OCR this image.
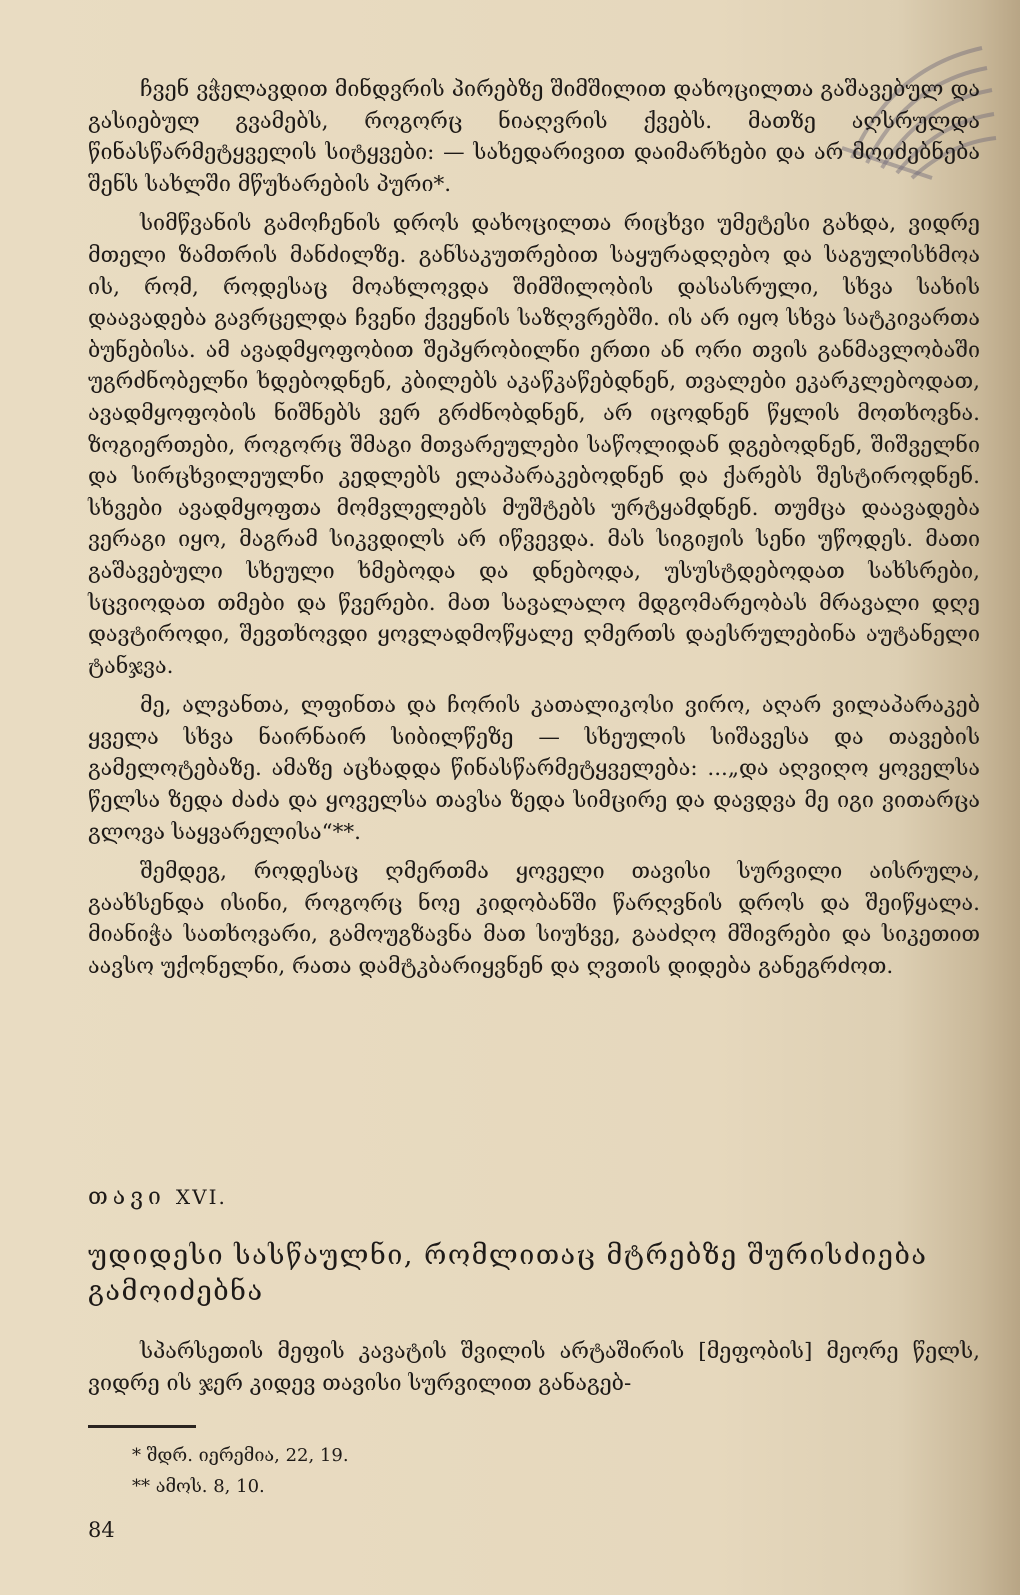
ჩვენ ვჭელავდით მინდვრის პირებზე შიმშილით დახოცილთა გაშავებულ და გასიებულ გვამებს, როგორც ნიაღვრის ქვებს. მათზე აღსრულდა წინასწარმეტყველის სიტყვები: — სახედარივით დაიმარხები და არ მოიძებნება შენს სახლში მწუხარების პური*.

სიმწვანის გამოჩენის დროს დახოცილთა რიცხვი უმეტესი გახდა, ვიდრე მთელი ზამთრის მანძილზე. განსაკუთრებით საყურადღებო და საგულისხმოა ის, რომ, როდესაც მოახლოვდა შიმშილობის დასასრული, სხვა სახის დაავადება გავრცელდა ჩვენი ქვეყნის საზღვრებში. ის არ იყო სხვა სატკივართა ბუნებისა. ამ ავადმყოფობით შეპყრობილნი ერთი ან ორი თვის განმავლობაში უგრძნობელნი ხდებოდნენ, კბილებს აკაწკაწებდნენ, თვალები ეკარკლებოდათ, ავადმყოფობის ნიშნებს ვერ გრძნობდნენ, არ იცოდნენ წყლის მოთხოვნა. ზოგიერთები, როგორც შმაგი მთვარეულები საწოლიდან დგებოდნენ, შიშველნი და სირცხვილეულნი კედლებს ელაპარაკებოდნენ და ქარებს შესტიროდნენ. სხვები ავადმყოფთა მომვლელებს მუშტებს ურტყამდნენ. თუმცა დაავადება ვერაგი იყო, მაგრამ სიკვდილს არ იწვევდა. მას სიგიჟის სენი უწოდეს. მათი გაშავებული სხეული ხმებოდა და დნებოდა, უსუსტდებოდათ სახსრები, სცვიოდათ თმები და წვერები. მათ სავალალო მდგომარეობას მრავალი დღე დავტიროდი, შევთხოვდი ყოვლადმოწყალე ღმერთს დაესრულებინა აუტანელი ტანჯვა.

მე, ალვანთა, ლფინთა და ჩორის კათალიკოსი ვირო, აღარ ვილაპარაკებ ყველა სხვა ნაირნაირ სიბილწეზე — სხეულის სიშავესა და თავების გამელოტებაზე. ამაზე აცხადდა წინასწარმეტყველება: ...„და აღვიღო ყოველსა წელსა ზედა ძაძა და ყოველსა თავსა ზედა სიმცირე და დავდვა მე იგი ვითარცა გლოვა საყვარელისა“**.

შემდეგ, როდესაც ღმერთმა ყოველი თავისი სურვილი აისრულა, გაახსენდა ისინი, როგორც ნოე კიდობანში წარღვნის დროს და შეიწყალა. მიანიჭა სათხოვარი, გამოუგზავნა მათ სიუხვე, გააძღო მშივრები და სიკეთით აავსო უქონელნი, რათა დამტკბარიყვნენ და ღვთის დიდება განეგრძოთ.

თავი XVI.
უდიდესი სასწაულნი, რომლითაც მტრებზე შურისძიება გამოიძებნა

სპარსეთის მეფის კავატის შვილის არტაშირის [მეფობის] მეორე წელს, ვიდრე ის ჯერ კიდევ თავისი სურვილით განაგებ-

* შდრ. იერემია, 22, 19.
** ამოს. 8, 10.
84
